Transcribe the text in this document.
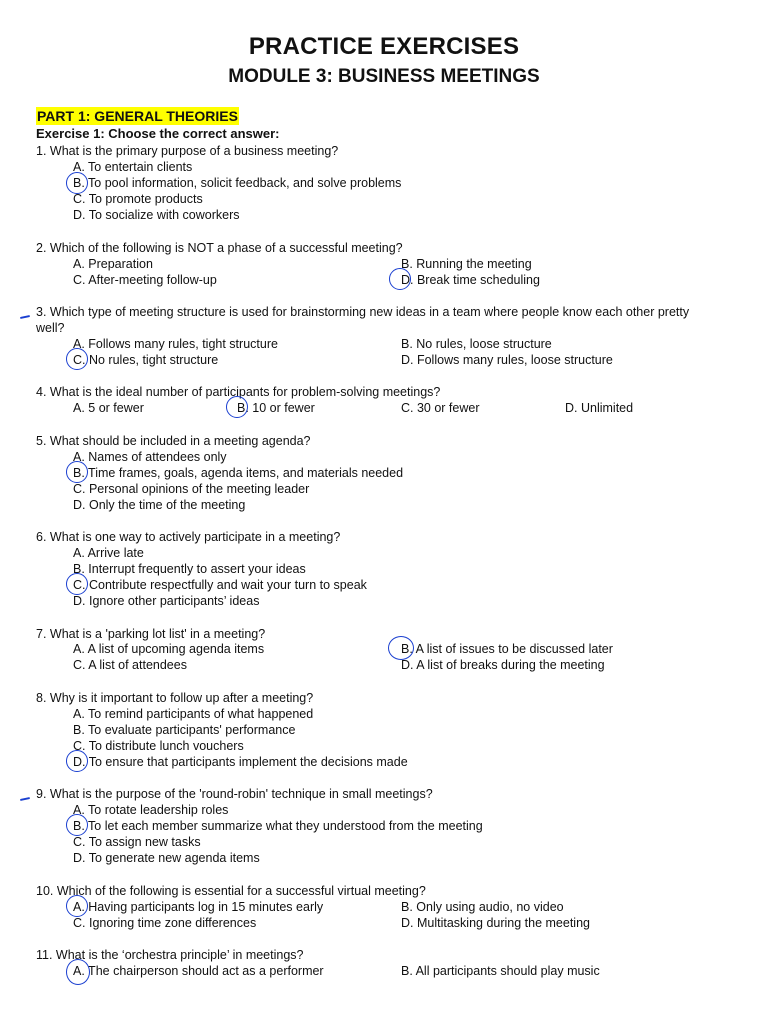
PRACTICE EXERCISES
MODULE 3: BUSINESS MEETINGS
PART 1: GENERAL THEORIES
Exercise 1: Choose the correct answer:
1. What is the primary purpose of a business meeting?
A. To entertain clients
B. To pool information, solicit feedback, and solve problems
C. To promote products
D. To socialize with coworkers
2. Which of the following is NOT a phase of a successful meeting?
A. Preparation	B. Running the meeting
C. After-meeting follow-up	D. Break time scheduling
3. Which type of meeting structure is used for brainstorming new ideas in a team where people know each other pretty well?
A. Follows many rules, tight structure	B. No rules, loose structure
C. No rules, tight structure	D. Follows many rules, loose structure
4. What is the ideal number of participants for problem-solving meetings?
A. 5 or fewer	B. 10 or fewer	C. 30 or fewer	D. Unlimited
5. What should be included in a meeting agenda?
A. Names of attendees only
B. Time frames, goals, agenda items, and materials needed
C. Personal opinions of the meeting leader
D. Only the time of the meeting
6. What is one way to actively participate in a meeting?
A. Arrive late
B. Interrupt frequently to assert your ideas
C. Contribute respectfully and wait your turn to speak
D. Ignore other participants’ ideas
7. What is a 'parking lot list' in a meeting?
A. A list of upcoming agenda items	B. A list of issues to be discussed later
C. A list of attendees	D. A list of breaks during the meeting
8. Why is it important to follow up after a meeting?
A. To remind participants of what happened
B. To evaluate participants' performance
C. To distribute lunch vouchers
D. To ensure that participants implement the decisions made
9. What is the purpose of the 'round-robin' technique in small meetings?
A. To rotate leadership roles
B. To let each member summarize what they understood from the meeting
C. To assign new tasks
D. To generate new agenda items
10. Which of the following is essential for a successful virtual meeting?
A. Having participants log in 15 minutes early	B. Only using audio, no video
C. Ignoring time zone differences	D. Multitasking during the meeting
11. What is the ‘orchestra principle’ in meetings?
A. The chairperson should act as a performer	B. All participants should play music
